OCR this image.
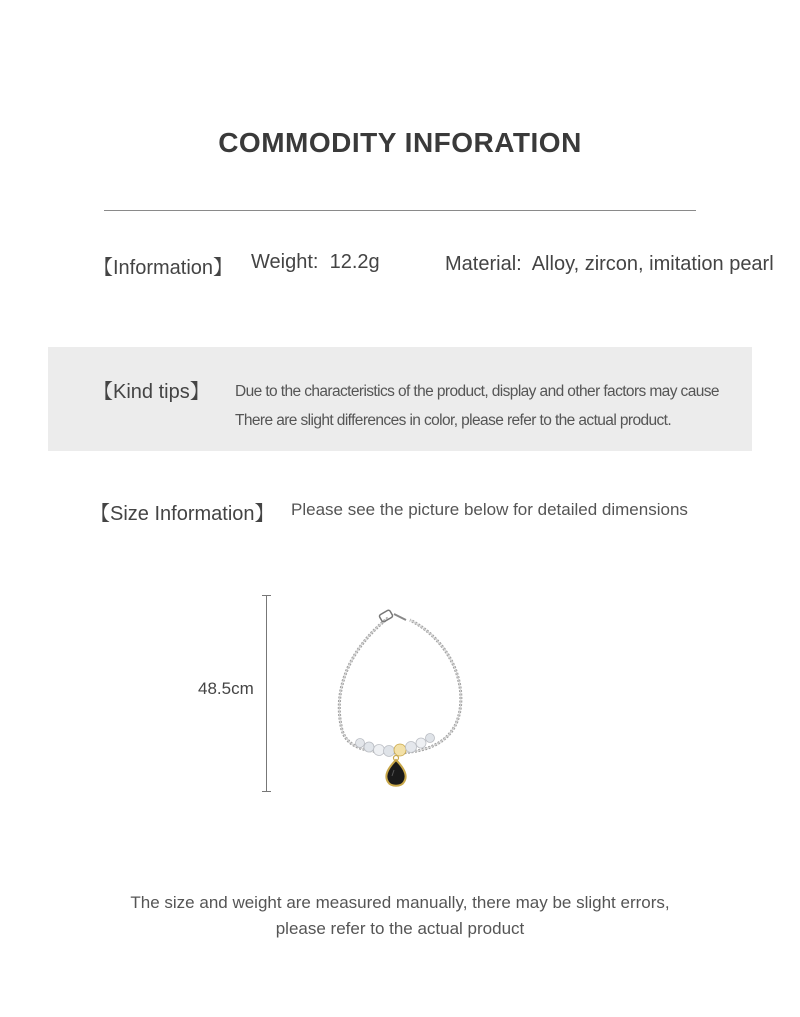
COMMODITY INFORATION
【Information】 Weight: 12.2g	Material: Alloy, zircon, imitation pearl
【Kind tips】 Due to the characteristics of the product, display and other factors may cause
There are slight differences in color, please refer to the actual product.
【Size Information】 Please see the picture below for detailed dimensions
48.5cm
The size and weight are measured manually, there may be slight errors,
please refer to the actual product
